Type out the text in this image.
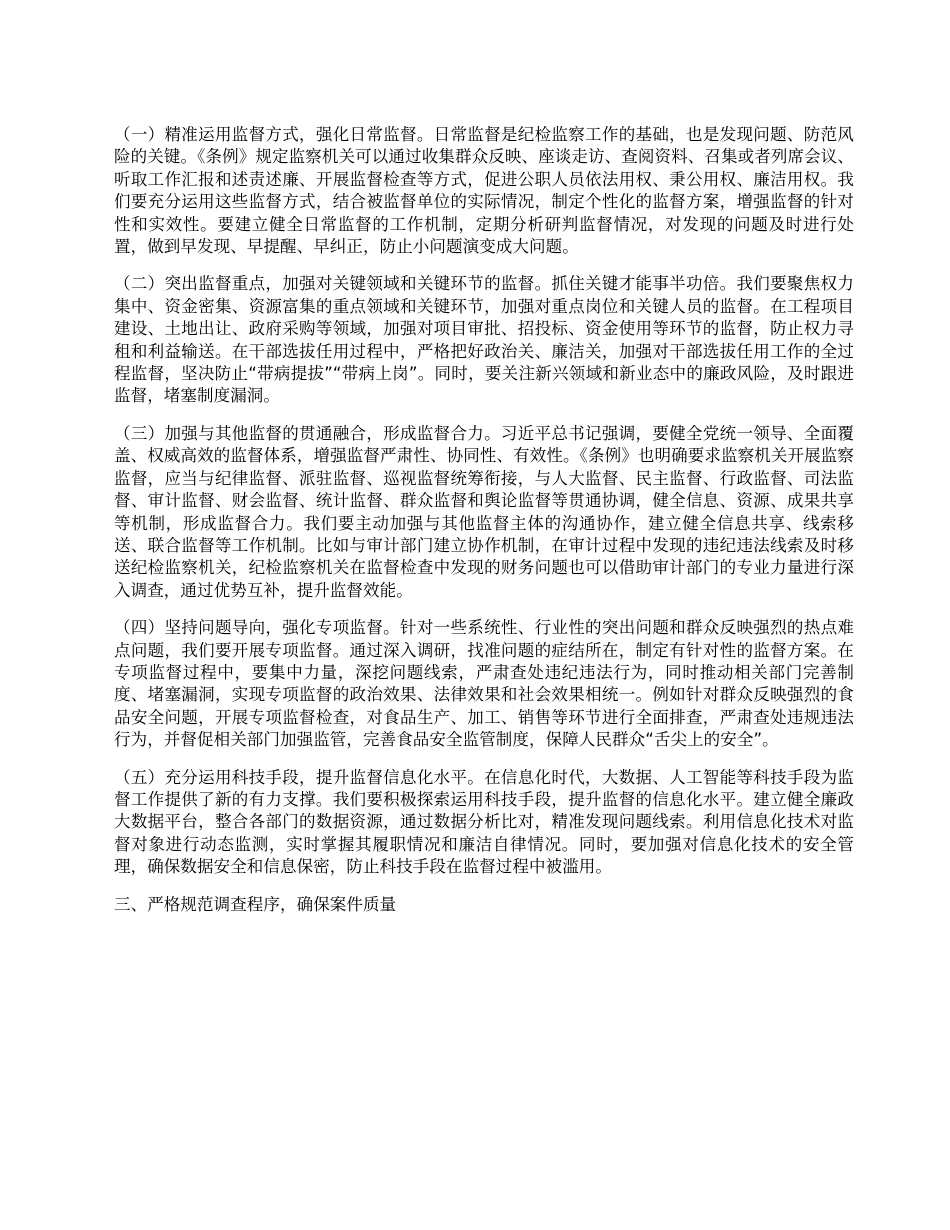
（一）精准运用监督方式，强化日常监督。日常监督是纪检监察工作的基础，也是发现问题、防范风险的关键。《条例》规定监察机关可以通过收集群众反映、座谈走访、查阅资料、召集或者列席会议、听取工作汇报和述责述廉、开展监督检查等方式，促进公职人员依法用权、秉公用权、廉洁用权。我们要充分运用这些监督方式，结合被监督单位的实际情况，制定个性化的监督方案，增强监督的针对性和实效性。要建立健全日常监督的工作机制，定期分析研判监督情况，对发现的问题及时进行处置，做到早发现、早提醒、早纠正，防止小问题演变成大问题。

（二）突出监督重点，加强对关键领域和关键环节的监督。抓住关键才能事半功倍。我们要聚焦权力集中、资金密集、资源富集的重点领域和关键环节，加强对重点岗位和关键人员的监督。在工程项目建设、土地出让、政府采购等领域，加强对项目审批、招投标、资金使用等环节的监督，防止权力寻租和利益输送。在干部选拔任用过程中，严格把好政治关、廉洁关，加强对干部选拔任用工作的全过程监督，坚决防止“带病提拔”“带病上岗”。同时，要关注新兴领域和新业态中的廉政风险，及时跟进监督，堵塞制度漏洞。

（三）加强与其他监督的贯通融合，形成监督合力。习近平总书记强调，要健全党统一领导、全面覆盖、权威高效的监督体系，增强监督严肃性、协同性、有效性。《条例》也明确要求监察机关开展监察监督，应当与纪律监督、派驻监督、巡视监督统筹衔接，与人大监督、民主监督、行政监督、司法监督、审计监督、财会监督、统计监督、群众监督和舆论监督等贯通协调，健全信息、资源、成果共享等机制，形成监督合力。我们要主动加强与其他监督主体的沟通协作，建立健全信息共享、线索移送、联合监督等工作机制。比如与审计部门建立协作机制，在审计过程中发现的违纪违法线索及时移送纪检监察机关，纪检监察机关在监督检查中发现的财务问题也可以借助审计部门的专业力量进行深入调查，通过优势互补，提升监督效能。

（四）坚持问题导向，强化专项监督。针对一些系统性、行业性的突出问题和群众反映强烈的热点难点问题，我们要开展专项监督。通过深入调研，找准问题的症结所在，制定有针对性的监督方案。在专项监督过程中，要集中力量，深挖问题线索，严肃查处违纪违法行为，同时推动相关部门完善制度、堵塞漏洞，实现专项监督的政治效果、法律效果和社会效果相统一。例如针对群众反映强烈的食品安全问题，开展专项监督检查，对食品生产、加工、销售等环节进行全面排查，严肃查处违规违法行为，并督促相关部门加强监管，完善食品安全监管制度，保障人民群众“舌尖上的安全”。

（五）充分运用科技手段，提升监督信息化水平。在信息化时代，大数据、人工智能等科技手段为监督工作提供了新的有力支撑。我们要积极探索运用科技手段，提升监督的信息化水平。建立健全廉政大数据平台，整合各部门的数据资源，通过数据分析比对，精准发现问题线索。利用信息化技术对监督对象进行动态监测，实时掌握其履职情况和廉洁自律情况。同时，要加强对信息化技术的安全管理，确保数据安全和信息保密，防止科技手段在监督过程中被滥用。

三、严格规范调查程序，确保案件质量
